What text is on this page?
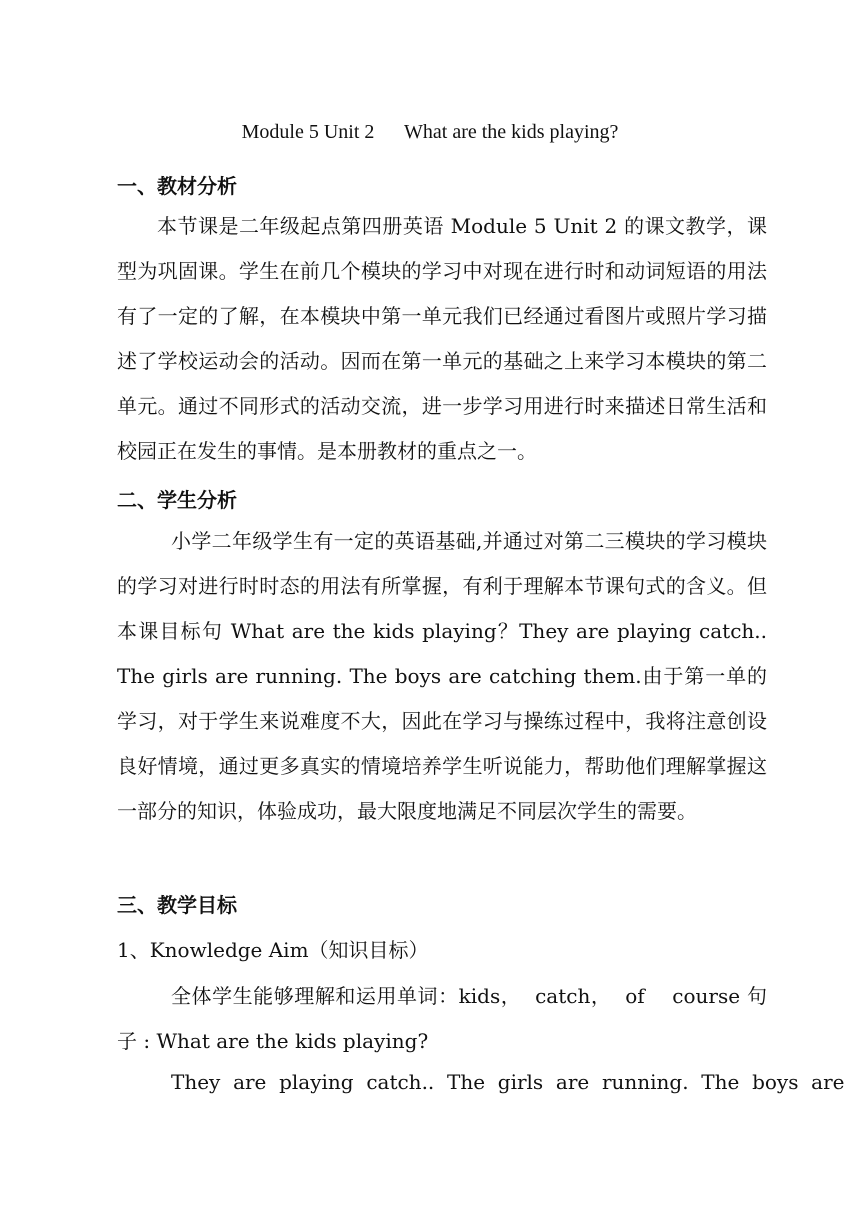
Module 5 Unit 2      What are the kids playing?
一、教材分析
本节课是二年级起点第四册英语 Module 5 Unit 2 的课文教学，课型为巩固课。学生在前几个模块的学习中对现在进行时和动词短语的用法有了一定的了解，在本模块中第一单元我们已经通过看图片或照片学习描述了学校运动会的活动。因而在第一单元的基础之上来学习本模块的第二单元。通过不同形式的活动交流，进一步学习用进行时来描述日常生活和校园正在发生的事情。是本册教材的重点之一。
二、学生分析
小学二年级学生有一定的英语基础,并通过对第二三模块的学习模块的学习对进行时时态的用法有所掌握，有利于理解本节课句式的含义。但本课目标句 What are the kids playing？They are playing catch.. The girls are running. The boys are catching them.由于第一单的学习，对于学生来说难度不大，因此在学习与操练过程中，我将注意创设良好情境，通过更多真实的情境培养学生听说能力，帮助他们理解掌握这一部分的知识，体验成功，最大限度地满足不同层次学生的需要。
三、教学目标
1、Knowledge Aim（知识目标）
全体学生能够理解和运用单词：kids，  catch，  of    course 句
子 : What are the kids playing?
They  are  playing  catch..  The  girls  are  running.  The  boys  are
